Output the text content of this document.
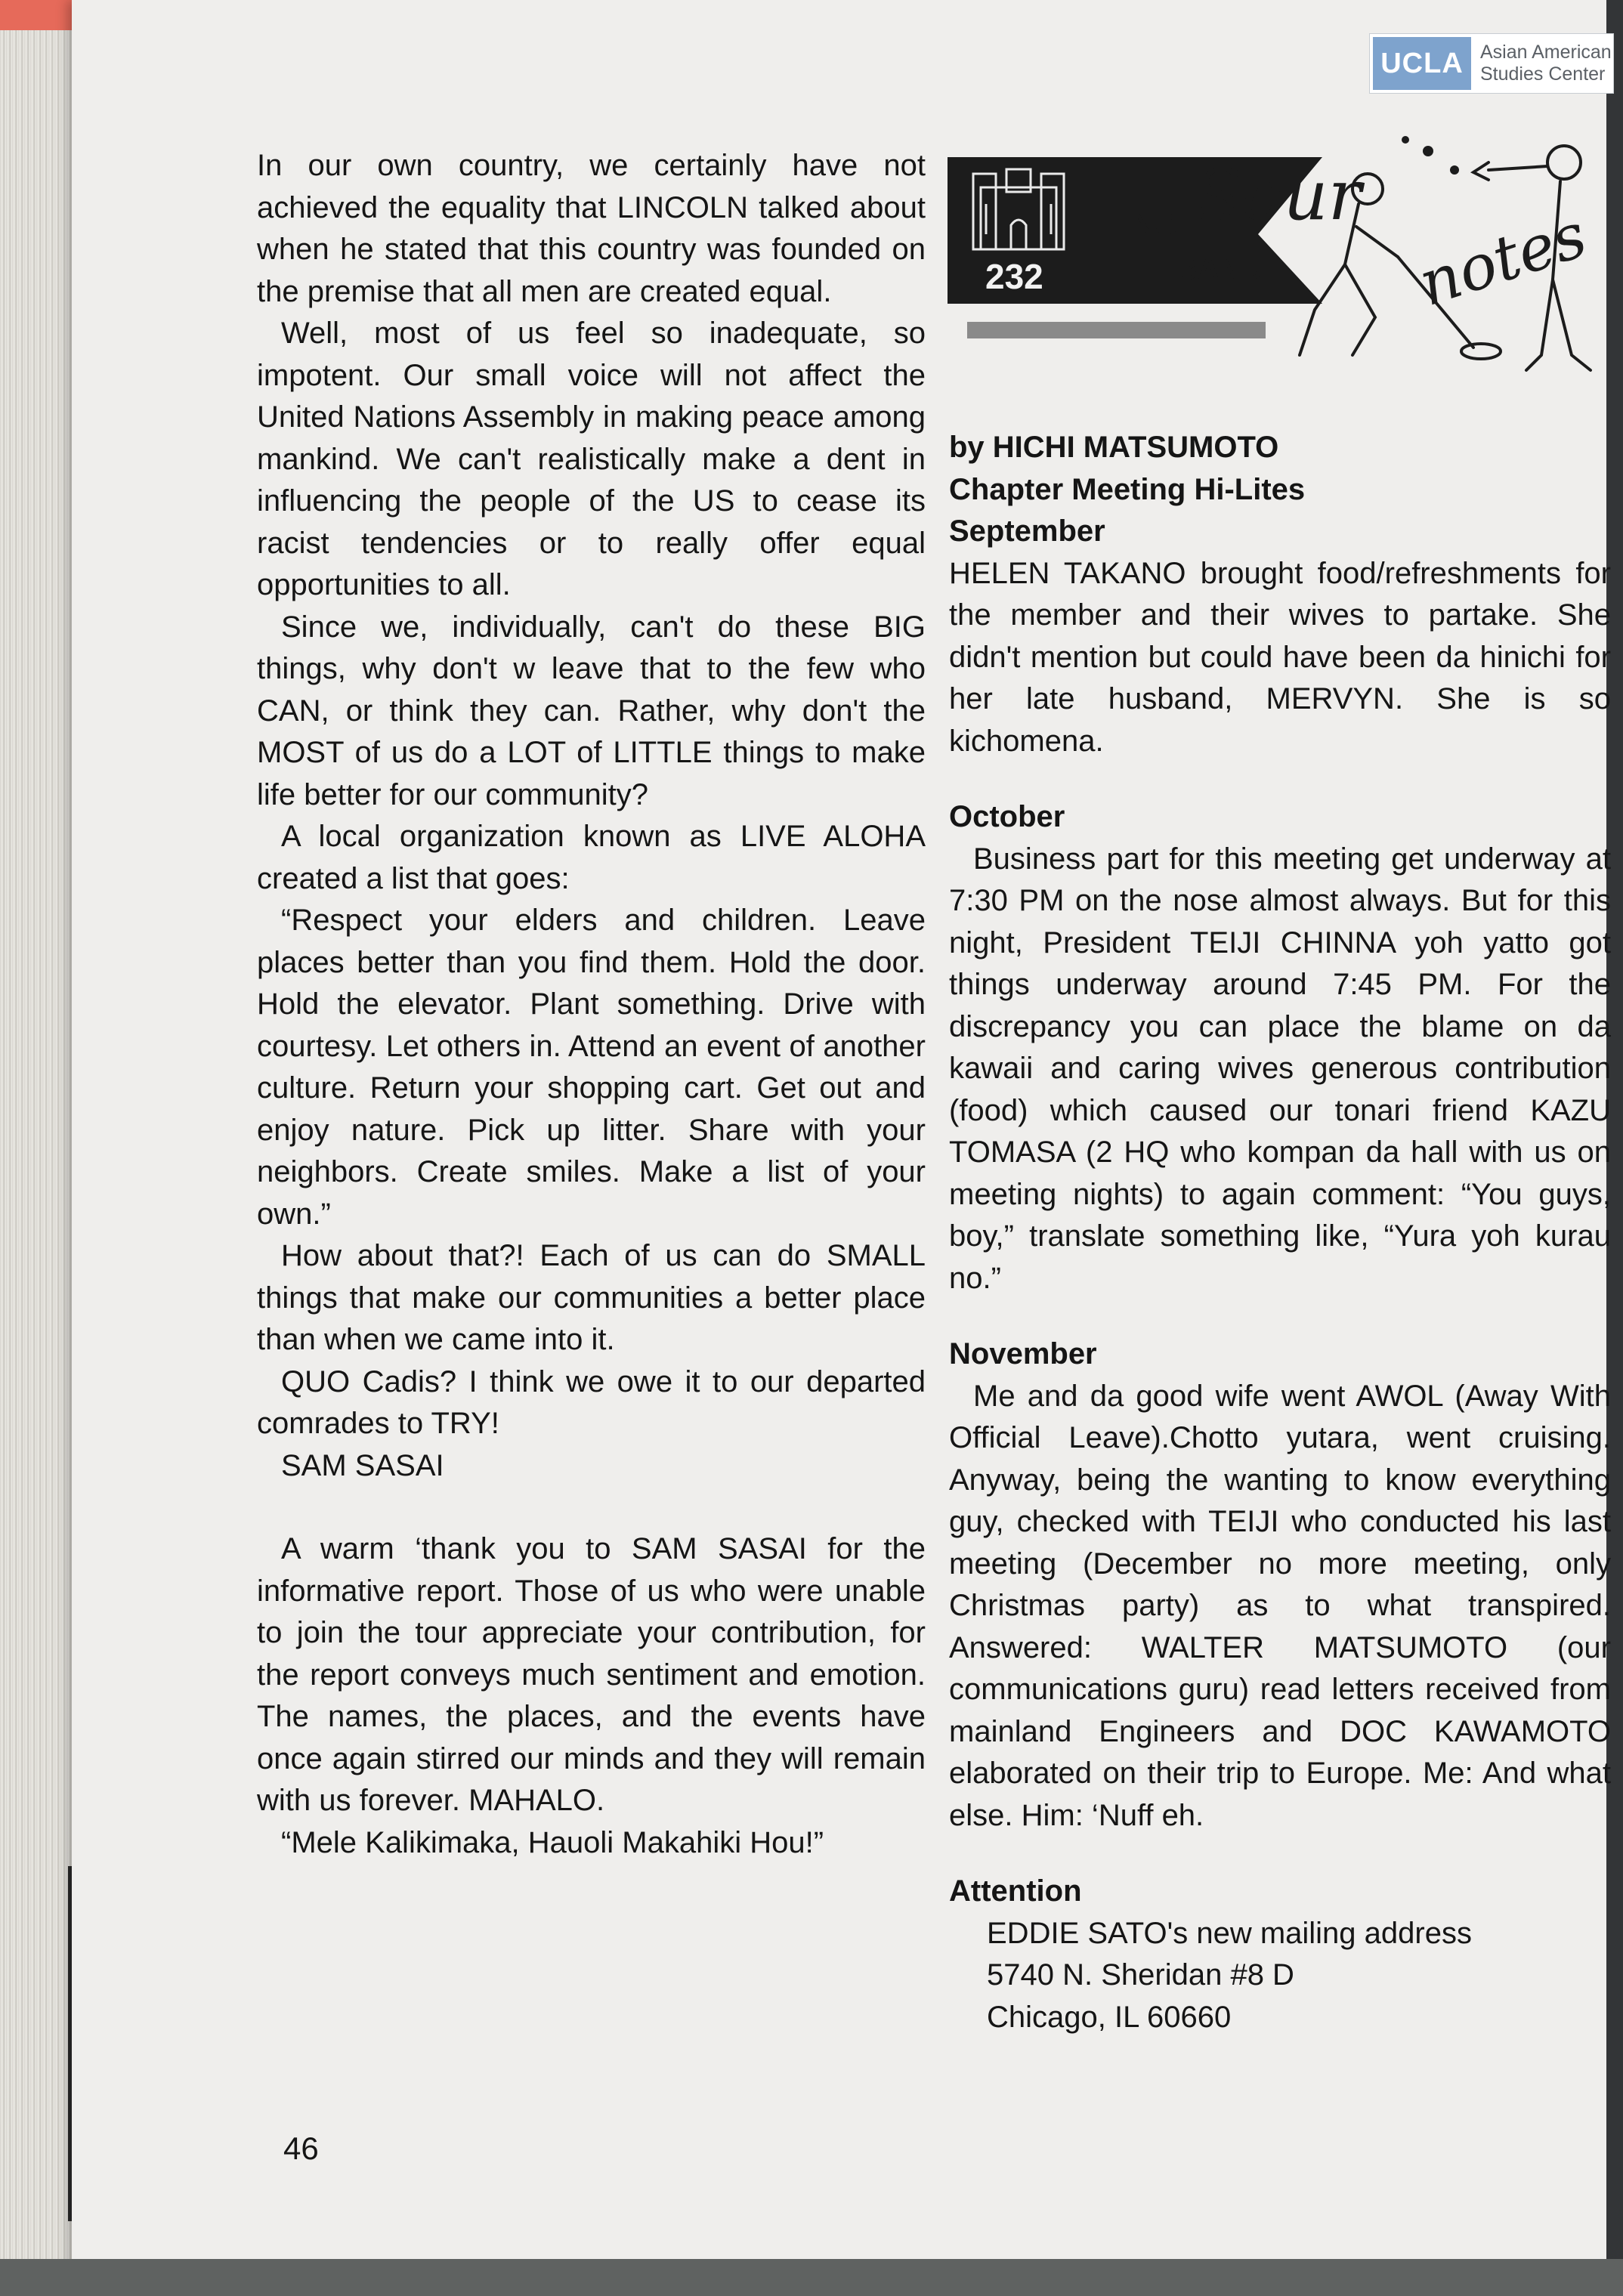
UCLA Asian American
Studies Center
232
ENG-
BAND
Sour
notes

In our own country, we certainly have not achieved the equality that LINCOLN talked about when he stated that this country was founded on the premise that all men are created equal.

Well, most of us feel so inadequate, so impotent. Our small voice will not affect the United Nations Assembly in making peace among mankind. We can't realistically make a dent in influencing the people of the US to cease its racist tendencies or to really offer equal opportunities to all.

Since we, individually, can't do these BIG things, why don't w leave that to the few who CAN, or think they can. Rather, why don't the MOST of us do a LOT of LITTLE things to make life better for our community?

A local organization known as LIVE ALOHA created a list that goes:

“Respect your elders and children. Leave places better than you find them. Hold the door. Hold the elevator. Plant something. Drive with courtesy. Let others in. Attend an event of another culture. Return your shopping cart. Get out and enjoy nature. Pick up litter. Share with your neighbors. Create smiles. Make a list of your own.”

How about that?! Each of us can do SMALL things that make our communities a better place than when we came into it.

QUO Cadis? I think we owe it to our departed comrades to TRY!

SAM SASAI

A warm ‘thank you to SAM SASAI for the informative report. Those of us who were unable to join the tour appreciate your contribution, for the report conveys much sentiment and emotion. The names, the places, and the events have once again stirred our minds and they will remain with us forever. MAHALO.

“Mele Kalikimaka, Hauoli Makahiki Hou!”

by HICHI MATSUMOTO

Chapter Meeting Hi-Lites

September

HELEN TAKANO brought food/refreshments for the member and their wives to partake. She didn't mention but could have been da hinichi for her late husband, MERVYN. She is so kichomena.

October

Business part for this meeting get underway at 7:30 PM on the nose almost always. But for this night, President TEIJI CHINNA yoh yatto got things underway around 7:45 PM. For the discrepancy you can place the blame on da kawaii and caring wives generous contribution (food) which caused our tonari friend KAZU TOMASA (2 HQ who kompan da hall with us on meeting nights) to again comment: “You guys, boy,” translate something like, “Yura yoh kurau no.”

November

Me and da good wife went AWOL (Away With Official Leave).Chotto yutara, went cruising. Anyway, being the wanting to know everything guy, checked with TEIJI who conducted his last meeting (December no more meeting, only Christmas party) as to what transpired. Answered: WALTER MATSUMOTO (our communications guru) read letters received from mainland Engineers and DOC KAWAMOTO elaborated on their trip to Europe. Me: And what else. Him: ‘Nuff eh.

Attention

EDDIE SATO's new mailing address

5740 N. Sheridan #8 D

Chicago, IL 60660

46
